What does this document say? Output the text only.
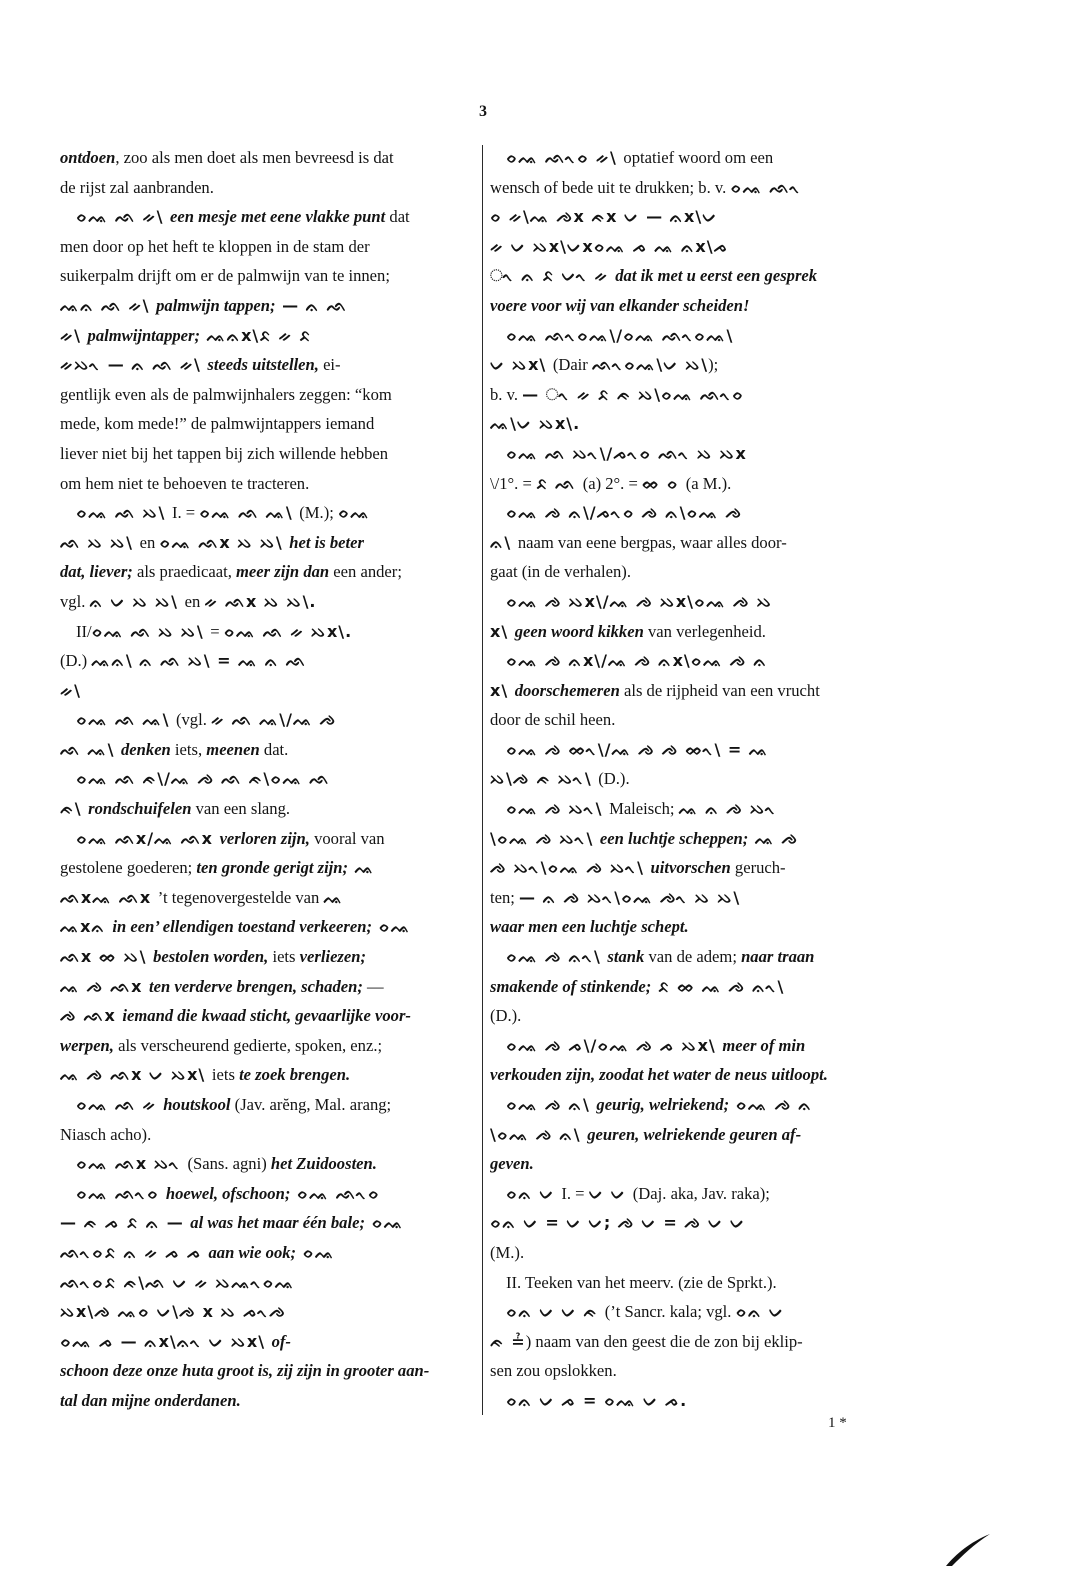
3
ontdoen, zoo als men doet als men bevreesd is dat
de rijst zal aanbranden.
ᨔᨕ ᨒ ᨀ\ een mesje met eene vlakke punt dat
men door op het heft te kloppen in de stam der
suikerpalm drijft om er de palmwijn van te innen;
ᨕᨊ ᨒ ᨀ\ palmwijn tappen; — ᨊ ᨒ
ᨀ\ palmwijntapper; ᨕᨊx\ᨅ ᨀ ᨅ
ᨀᨇᨚ — ᨊ ᨒ ᨀ\ steeds uitstellen, ei-
gentlijk even als de palmwijnhalers zeggen: “kom
mede, kom mede!” de palmwijntappers iemand
liever niet bij het tappen bij zich willende hebben
om hem niet te behoeven te tracteren.
ᨔᨕ ᨒ ᨇ\ I. = ᨔᨕ ᨒ ᨕ\ (M.); ᨔᨕ
ᨒ ᨇ ᨇ\ en ᨔᨕ ᨒx ᨇ ᨇ\ het is beter
dat, liever; als praedicaat, meer zijn dan een ander;
vgl. ᨊ ᨆ ᨇ ᨇ\ en ᨀ ᨒx ᨇ ᨇ\.
II/ᨔᨕ ᨒ ᨇ ᨇ\ = ᨔᨕ ᨒ ᨀ ᨇx\.
(D.) ᨕᨊ\ ᨊ ᨒ ᨇ\ = ᨕ ᨊ ᨒ
ᨀ\
ᨔᨕ ᨒ ᨕ\ (vgl. ᨀ ᨒ ᨕ\/ᨕ ᨌ
ᨒ ᨕ\ denken iets, meenen dat.
ᨔᨕ ᨒ ᨃ\/ᨕ ᨌ ᨒ ᨃ\ᨔᨕ ᨒ
ᨃ\ rondschuifelen van een slang.
ᨔᨕ ᨒx/ᨕ ᨒx verloren zijn, vooral van
gestolene goederen; ten gronde gerigt zijn; ᨕ
ᨒxᨕ ᨒx ’t tegenovergestelde van ᨕ
ᨕxᨊ in een’ ellendigen toestand verkeeren; ᨔᨕ
ᨒx ᨖ ᨇ\ bestolen worden, iets verliezen;
ᨕ ᨌ ᨒx ten verderve brengen, schaden; —
ᨌ ᨒx iemand die kwaad sticht, gevaarlijke voor-
werpen, als verscheurend gedierte, spoken, enz.;
ᨕ ᨌ ᨒx ᨆ ᨇx\ iets te zoek brengen.
ᨔᨕ ᨒ ᨀ houtskool (Jav. arĕng, Mal. arang;
Niasch acho).
ᨔᨕ ᨒx ᨇᨚ (Sans. agni) het Zuidoosten.
ᨔᨕ ᨒᨚᨔ hoewel, ofschoon; ᨔᨕ ᨒᨚᨔ
— ᨃ ᨍ ᨅ ᨊ — al was het maar één bale; ᨔᨕ
ᨒᨚᨔᨅ ᨊ ᨀ ᨍ ᨍ aan wie ook; ᨔᨕ
ᨒᨚᨔᨅ ᨃ\ᨒ ᨆ ᨀ ᨇᨕᨚᨔᨕ
ᨇx\ᨌ ᨕᨔ ᨆ\ᨌ x ᨇ ᨍᨚᨌ
ᨔᨕ ᨍ — ᨊx\ᨊᨚ ᨆ ᨇx\ of-
schoon deze onze huta groot is, zij zijn in grooter aan-
tal dan mijne onderdanen.
ᨔᨕ ᨒᨚᨔ ᨀ\ optatief woord om een
wensch of bede uit te drukken; b. v. ᨔᨕ ᨒᨚ
ᨔ ᨀ\ᨕ ᨌx ᨃx ᨆ — ᨊx\ᨆ
ᨀ ᨆ ᨇx\ᨆxᨔᨕ ᨍ ᨕ ᨊx\ᨍ
ᨚ ᨊ ᨅ ᨆᨚ ᨀ dat ik met u eerst een gesprek
voere voor wij van elkander scheiden!
ᨔᨕ ᨒᨚᨔᨕ\/ᨔᨕ ᨒᨚᨔᨕ\
ᨆ ᨇx\ (Dair ᨒᨚᨔᨕ\ᨆ ᨇ\);
b. v. — ᨚ ᨀ ᨅ ᨃ ᨇ\ᨔᨕ ᨒᨚᨔ
ᨕ\ᨆ ᨇx\.
ᨔᨕ ᨒ ᨇᨚ\/ᨍᨚᨔ ᨒᨚ ᨇ ᨇx
\/1°. = ᨅ ᨒ (a) 2°. = ᨖ ᨔ (a M.).
ᨔᨕ ᨌ ᨊ\/ᨍᨚᨔ ᨌ ᨊ\ᨔᨕ ᨌ
ᨊ\ naam van eene bergpas, waar alles door-
gaat (in de verhalen).
ᨔᨕ ᨌ ᨇx\/ᨕ ᨌ ᨇx\ᨔᨕ ᨌ ᨇ
x\ geen woord kikken van verlegenheid.
ᨔᨕ ᨌ ᨊx\/ᨕ ᨌ ᨊx\ᨔᨕ ᨌ ᨊ
x\ doorschemeren als de rijpheid van een vrucht
door de schil heen.
ᨔᨕ ᨌ ᨖᨚ\/ᨕ ᨌ ᨌ ᨖᨚ\ = ᨕ
ᨇ\ᨌ ᨃ ᨇᨚ\ (D.).
ᨔᨕ ᨌ ᨇᨚ\ Maleisch; ᨕ ᨊ ᨌ ᨇᨚ
\ᨔᨕ ᨌ ᨇᨚ\ een luchtje scheppen; ᨕ ᨌ
ᨌ ᨇᨚ\ᨔᨕ ᨌ ᨇᨚ\ uitvorschen geruch-
ten; — ᨊ ᨌ ᨇᨚ\ᨔᨕ ᨌᨚ ᨇ ᨇ\
waar men een luchtje schept.
ᨔᨕ ᨌ ᨊᨚ\ stank van de adem; naar traan
smakende of stinkende; ᨅ ᨖ ᨕ ᨌ ᨊᨚ\
(D.).
ᨔᨕ ᨌ ᨍ\/ᨔᨕ ᨌ ᨍ ᨇx\ meer of min
verkouden zijn, zoodat het water de neus uitloopt.
ᨔᨕ ᨌ ᨊ\ geurig, welriekend; ᨔᨕ ᨌ ᨊ
\ᨔᨕ ᨌ ᨊ\ geuren, welriekende geuren af-
geven.
ᨔᨊ ᨆ I. = ᨆ ᨆ (Daj. aka, Jav. raka);
ᨔᨊ ᨆ = ᨆ ᨆ; ᨌ ᨆ = ᨌ ᨆ ᨆ
(M.).
II. Teeken van het meerv. (zie de Sprkt.).
ᨔᨊ ᨆ ᨆ ᨃ (’t Sancr. kala; vgl. ᨔᨊ ᨆ
ᨃ ≟) naam van den geest die de zon bij eklip-
sen zou opslokken.
ᨔᨊ ᨆ ᨍ = ᨔᨕ ᨆ ᨍ.
1 *
